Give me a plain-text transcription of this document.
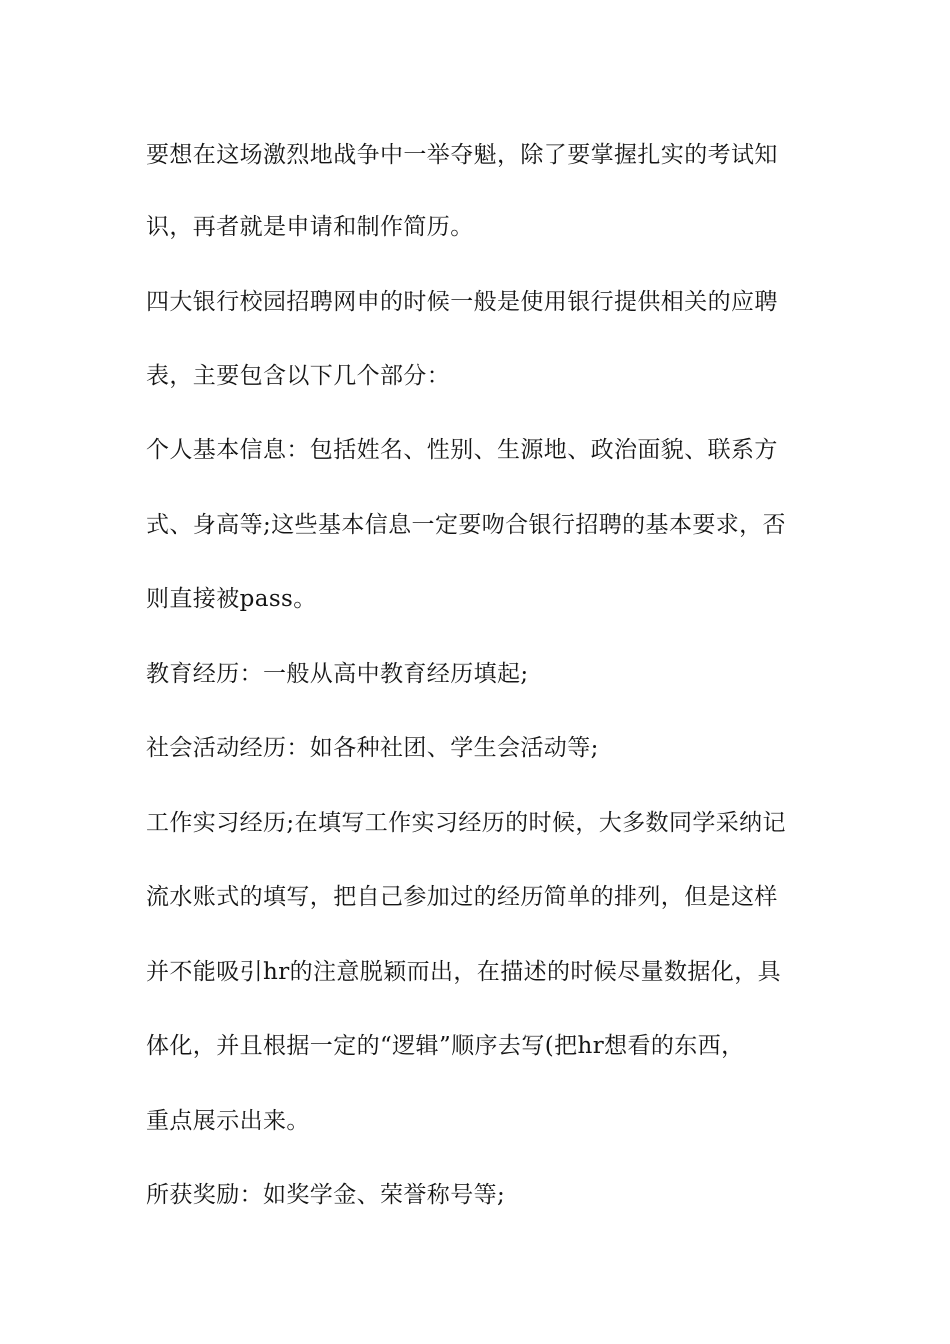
要想在这场激烈地战争中一举夺魁，除了要掌握扎实的考试知

识，再者就是申请和制作简历。

四大银行校园招聘网申的时候一般是使用银行提供相关的应聘

表，主要包含以下几个部分：

个人基本信息：包括姓名、性别、生源地、政治面貌、联系方

式、身高等;这些基本信息一定要吻合银行招聘的基本要求，否

则直接被pass。

教育经历：一般从高中教育经历填起;

社会活动经历：如各种社团、学生会活动等;

工作实习经历;在填写工作实习经历的时候，大多数同学采纳记

流水账式的填写，把自己参加过的经历简单的排列，但是这样

并不能吸引hr的注意脱颖而出，在描述的时候尽量数据化，具

体化，并且根据一定的“逻辑”顺序去写(把hr想看的东西，

重点展示出来。

所获奖励：如奖学金、荣誉称号等;
